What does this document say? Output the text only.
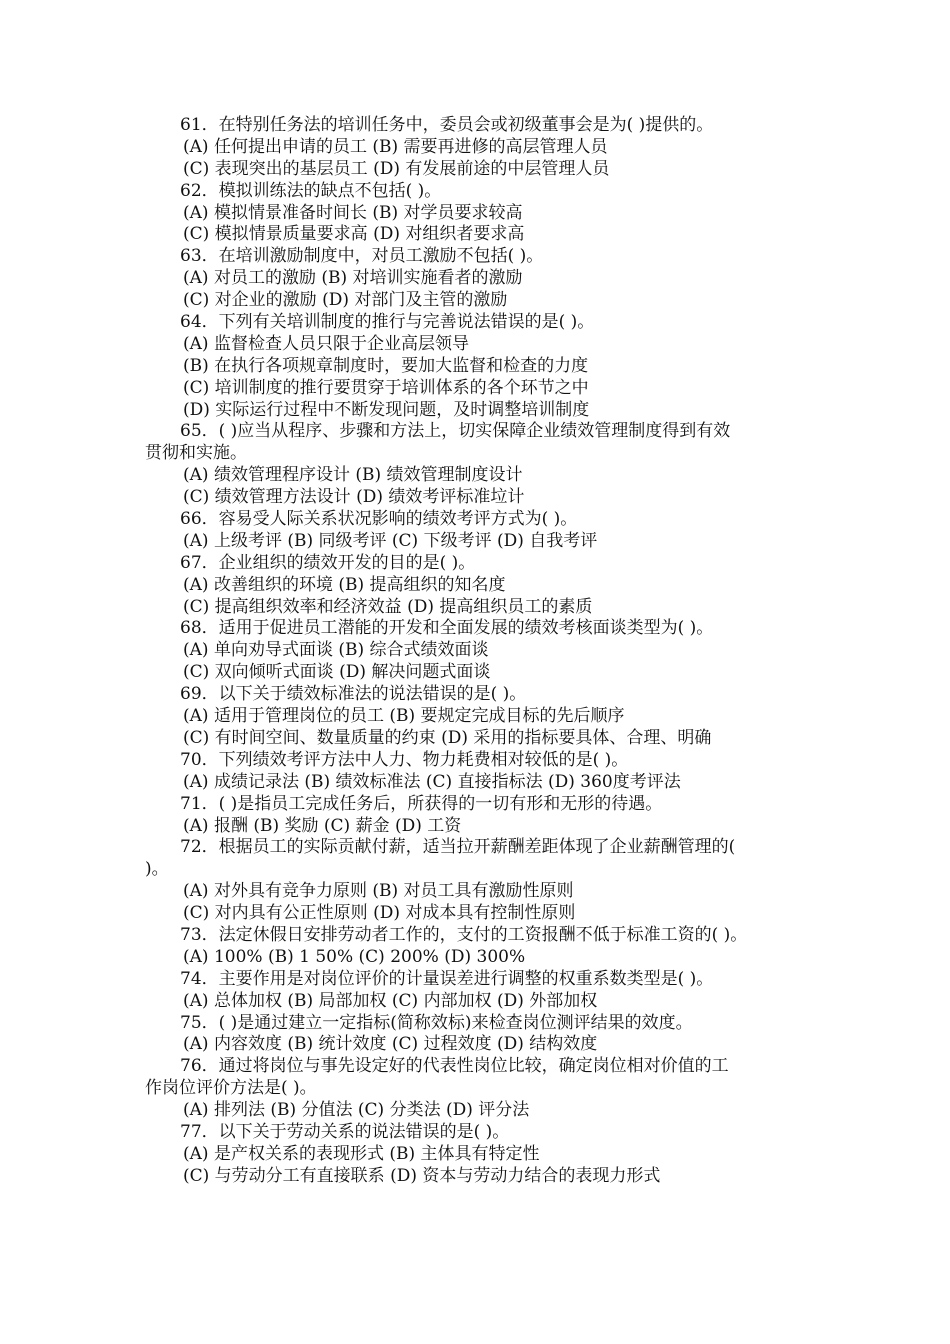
61．在特别任务法的培训任务中，委员会或初级董事会是为( )提供的。
(A) 任何提出申请的员工 (B) 需要再进修的高层管理人员
(C) 表现突出的基层员工 (D) 有发展前途的中层管理人员
62．模拟训练法的缺点不包括( )。
(A) 模拟情景准备时间长 (B) 对学员要求较高
(C) 模拟情景质量要求高 (D) 对组织者要求高
63．在培训激励制度中，对员工激励不包括( )。
(A) 对员工的激励 (B) 对培训实施看者的激励
(C) 对企业的激励 (D) 对部门及主管的激励
64．下列有关培训制度的推行与完善说法错误的是( )。
(A) 监督检查人员只限于企业高层领导
(B) 在执行各项规章制度时，要加大监督和检查的力度
(C) 培训制度的推行要贯穿于培训体系的各个环节之中
(D) 实际运行过程中不断发现问题，及时调整培训制度
65．( )应当从程序、步骤和方法上，切实保障企业绩效管理制度得到有效
贯彻和实施。
(A) 绩效管理程序设计 (B) 绩效管理制度设计
(C) 绩效管理方法设计 (D) 绩效考评标准垃计
66．容易受人际关系状况影响的绩效考评方式为( )。
(A) 上级考评 (B) 同级考评 (C) 下级考评 (D) 自我考评
67．企业组织的绩效开发的目的是( )。
(A) 改善组织的环境 (B) 提高组织的知名度
(C) 提高组织效率和经济效益 (D) 提高组织员工的素质
68．适用于促进员工潜能的开发和全面发展的绩效考核面谈类型为( )。
(A) 单向劝导式面谈 (B) 综合式绩效面谈
(C) 双向倾听式面谈 (D) 解决问题式面谈
69．以下关于绩效标准法的说法错误的是( )。
(A) 适用于管理岗位的员工 (B) 要规定完成目标的先后顺序
(C) 有时间空间、数量质量的约束 (D) 采用的指标要具体、合理、明确
70．下列绩效考评方法中人力、物力耗费相对较低的是( )。
(A) 成绩记录法 (B) 绩效标准法 (C) 直接指标法 (D) 360度考评法
71．( )是指员工完成任务后，所获得的一切有形和无形的待遇。
(A) 报酬 (B) 奖励 (C) 薪金 (D) 工资
72．根据员工的实际贡献付薪，适当拉开薪酬差距体现了企业薪酬管理的(
)。
(A) 对外具有竞争力原则 (B) 对员工具有激励性原则
(C) 对内具有公正性原则 (D) 对成本具有控制性原则
73．法定休假日安排劳动者工作的，支付的工资报酬不低于标准工资的( )。
(A) 100% (B) 1 50% (C) 200% (D) 300%
74．主要作用是对岗位评价的计量误差进行调整的权重系数类型是( )。
(A) 总体加权 (B) 局部加权 (C) 内部加权 (D) 外部加权
75．( )是通过建立一定指标(简称效标)来检查岗位测评结果的效度。
(A) 内容效度 (B) 统计效度 (C) 过程效度 (D) 结构效度
76．通过将岗位与事先设定好的代表性岗位比较，确定岗位相对价值的工
作岗位评价方法是( )。
(A) 排列法 (B) 分值法 (C) 分类法 (D) 评分法
77．以下关于劳动关系的说法错误的是( )。
(A) 是产权关系的表现形式 (B) 主体具有特定性
(C) 与劳动分工有直接联系 (D) 资本与劳动力结合的表现力形式
